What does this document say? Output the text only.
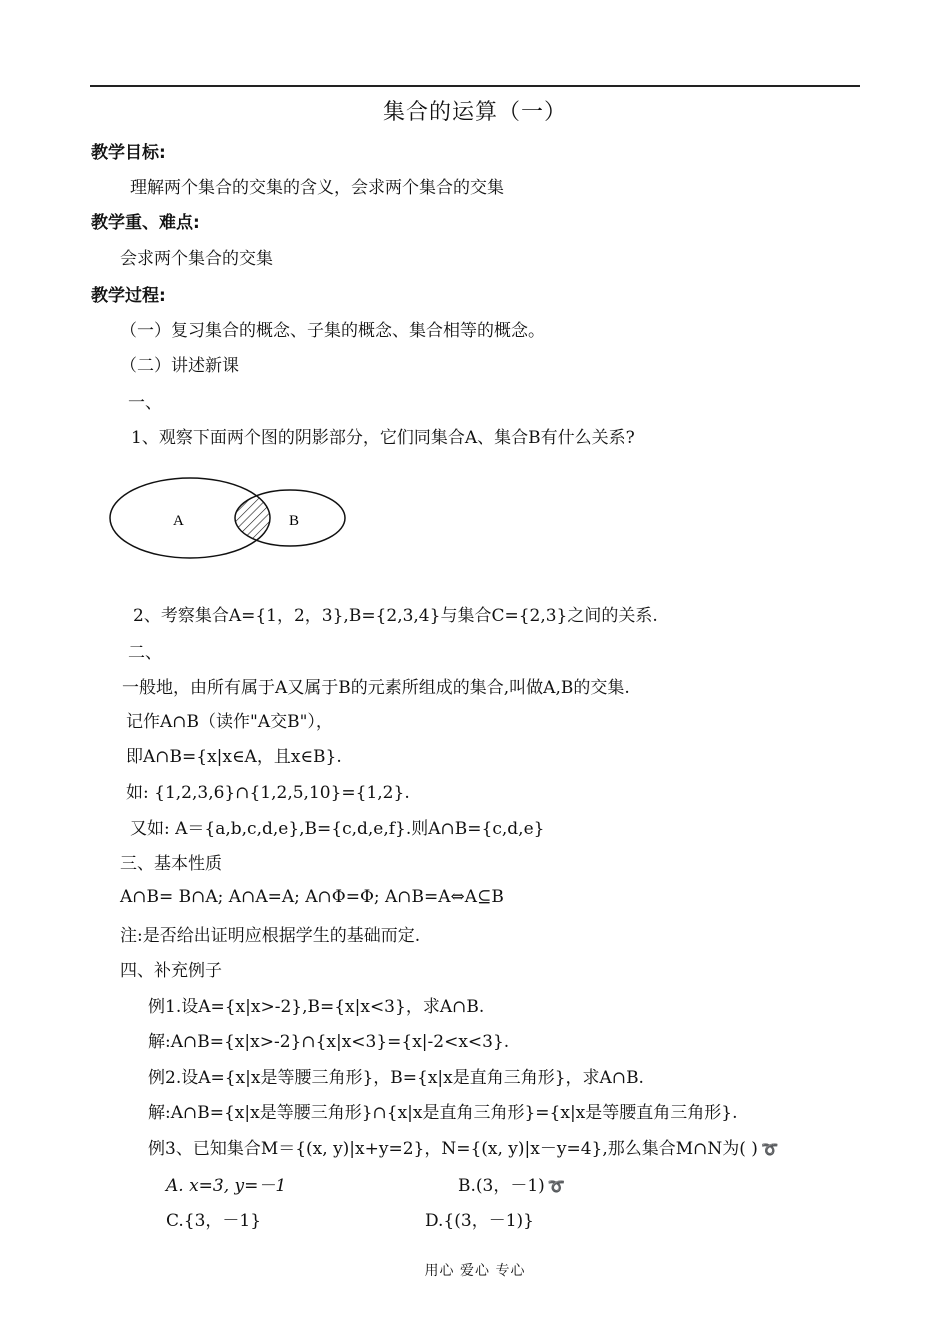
集合的运算（一）
教学目标:
理解两个集合的交集的含义，会求两个集合的交集
教学重、难点:
会求两个集合的交集
教学过程:
（一）复习集合的概念、子集的概念、集合相等的概念。
（二）讲述新课
一、
1、观察下面两个图的阴影部分，它们同集合A、集合B有什么关系?
A	B
2、考察集合A={1，2，3},B={2,3,4}与集合C={2,3}之间的关系.
二、
一般地，由所有属于A又属于B的元素所组成的集合,叫做A,B的交集.
记作A∩B（读作"A交B"），
即A∩B={x|x∈A，且x∈B}.
如: {1,2,3,6}∩{1,2,5,10}={1,2}.
又如: A＝{a,b,c,d,e},B={c,d,e,f}.则A∩B={c,d,e}
三、基本性质
A∩B= B∩A; A∩A=A; A∩Φ=Φ; A∩B=A⇔A⊆B
注:是否给出证明应根据学生的基础而定.
四、补充例子
例1.设A={x|x>-2},B={x|x<3}，求A∩B.
解:A∩B={x|x>-2}∩{x|x<3}={x|-2<x<3}.
例2.设A={x|x是等腰三角形}，B={x|x是直角三角形}，求A∩B.
解:A∩B={x|x是等腰三角形}∩{x|x是直角三角形}={x|x是等腰直角三角形}.
例3、已知集合M＝{(x, y)|x+y=2}，N={(x, y)|x－y=4},那么集合M∩N为( ) ➰
A. x=3, y=－1	B.(3，－1) ➰
C.{3，－1}	D.{(3，－1)}
用心 爱心 专心
